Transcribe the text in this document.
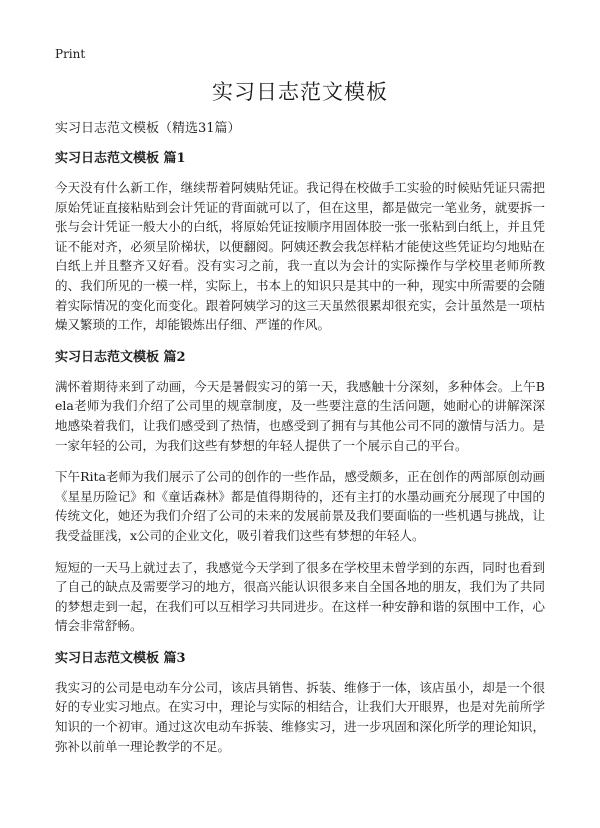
Print
实习日志范文模板
实习日志范文模板（精选31篇）
实习日志范文模板 篇1

今天没有什么新工作，继续帮着阿姨贴凭证。我记得在校做手工实验的时候贴凭证只需把原始凭证直接粘贴到会计凭证的背面就可以了，但在这里，都是做完一笔业务，就要拆一张与会计凭证一般大小的白纸，将原始凭证按顺序用固体胶一张一张粘到白纸上，并且凭证不能对齐，必须呈阶梯状，以便翻阅。阿姨还教会我怎样粘才能使这些凭证均匀地贴在白纸上并且整齐又好看。没有实习之前，我一直以为会计的实际操作与学校里老师所教的、我们所见的一模一样，实际上，书本上的知识只是其中的一种，现实中所需要的会随着实际情况的变化而变化。跟着阿姨学习的这三天虽然很累却很充实，会计虽然是一项枯燥又繁琐的工作，却能锻炼出仔细、严谨的作风。

实习日志范文模板 篇2

满怀着期待来到了动画，今天是暑假实习的第一天，我感触十分深刻，多种体会。上午Bela老师为我们介绍了公司里的规章制度，及一些要注意的生活问题，她耐心的讲解深深地感染着我们，让我们感受到了热情，也感受到了拥有与其他公司不同的激情与活力。是一家年轻的公司，为我们这些有梦想的年轻人提供了一个展示自己的平台。

下午Rita老师为我们展示了公司的创作的一些作品，感受颇多，正在创作的两部原创动画《星星历险记》和《童话森林》都是值得期待的，还有主打的水墨动画充分展现了中国的传统文化，她还为我们介绍了公司的未来的发展前景及我们要面临的一些机遇与挑战，让我受益匪浅，x公司的企业文化，吸引着我们这些有梦想的年轻人。

短短的一天马上就过去了，我感觉今天学到了很多在学校里未曾学到的东西，同时也看到了自己的缺点及需要学习的地方，很高兴能认识很多来自全国各地的朋友，我们为了共同的梦想走到一起，在我们可以互相学习共同进步。在这样一种安静和谐的氛围中工作，心情会非常舒畅。

实习日志范文模板 篇3

我实习的公司是电动车分公司，该店具销售、拆装、维修于一体，该店虽小，却是一个很好的专业实习地点。在实习中，理论与实际的相结合，让我们大开眼界，也是对先前所学知识的一个初审。通过这次电动车拆装、维修实习，进一步巩固和深化所学的理论知识，弥补以前单一理论教学的不足。
